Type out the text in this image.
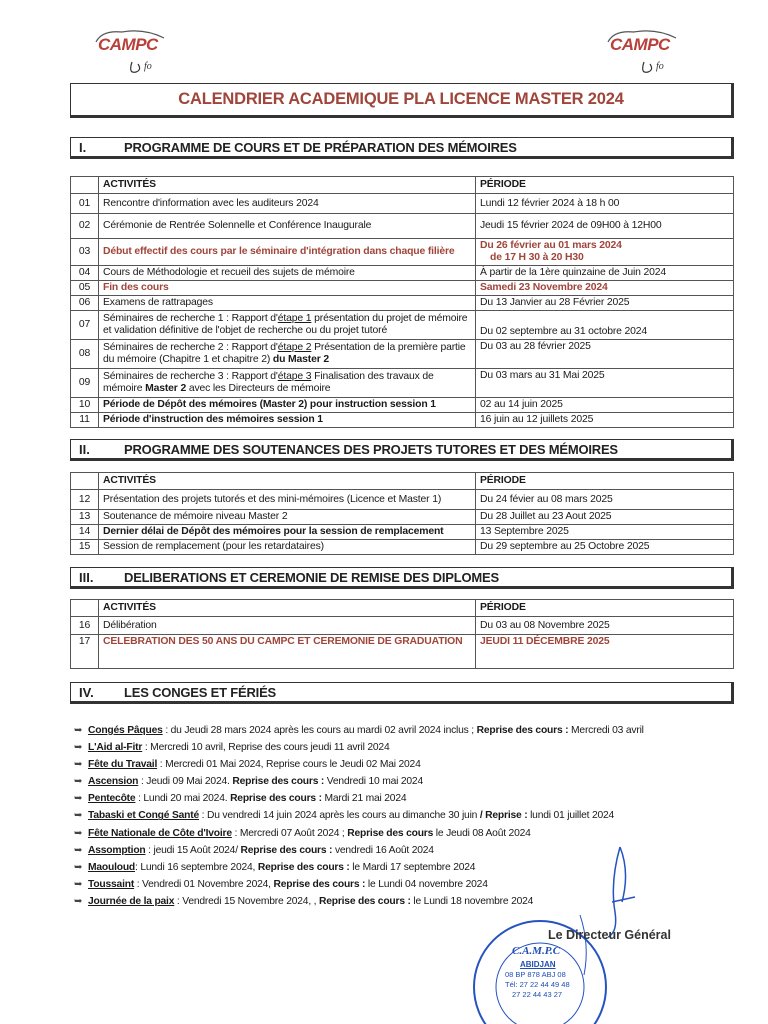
fo
CAMPC
fo
CAMPC
CALENDRIER ACADEMIQUE PLA LICENCE MASTER 2024
I.	PROGRAMME DE COURS ET DE PRÉPARATION DES MÉMOIRES
	ACTIVITÉS	PÉRIODE
01	Rencontre d'information avec les auditeurs 2024	Lundi 12 février 2024 à 18 h 00
02	Cérémonie de Rentrée Solennelle et Conférence Inaugurale	Jeudi 15 février 2024 de 09H00 à 12H00
03	Début effectif des cours par le séminaire d'intégration dans chaque filière	Du 26 février au 01 mars 2024
de 17 H 30 à 20 H30

04	Cours de Méthodologie et recueil des sujets de mémoire	À partir de la 1ère quinzaine de Juin 2024
05	Fin des cours	Samedi 23 Novembre 2024
06	Examens de rattrapages	Du 13 Janvier au 28 Février 2025
07	Séminaires de recherche 1 : Rapport d'étape 1 présentation du projet de mémoire et validation définitive de l'objet de recherche ou du projet tutoré	Du 02 septembre au 31 octobre 2024
08	Séminaires de recherche 2 : Rapport d'étape 2 Présentation de la première partie du mémoire (Chapitre 1 et chapitre 2) du Master 2	Du 03 au 28 février 2025
09	Séminaires de recherche 3 : Rapport d'étape 3 Finalisation des travaux de mémoire Master 2 avec les Directeurs de mémoire	Du 03 mars au 31 Mai 2025
10	Période de Dépôt des mémoires (Master 2) pour instruction session 1	02 au 14 juin 2025
11	Période d'instruction des mémoires session 1	16 juin au 12 juillets 2025
II.	PROGRAMME DES SOUTENANCES DES PROJETS TUTORES ET DES MÉMOIRES
	ACTIVITÉS	PÉRIODE
12	Présentation des projets tutorés et des mini-mémoires (Licence et Master 1)	Du 24 févier au 08 mars 2025
13	Soutenance de mémoire niveau Master 2	Du 28 Juillet au 23 Aout 2025
14	Dernier délai de Dépôt des mémoires pour la session de remplacement	13 Septembre 2025
15	Session de remplacement (pour les retardataires)	Du 29 septembre au 25 Octobre 2025
III. DELIBERATIONS ET CEREMONIE DE REMISE DES DIPLOMES
	ACTIVITÉS	PÉRIODE
16	Délibération	Du 03 au 08 Novembre 2025
17	CELEBRATION DES 50 ANS DU CAMPC ET CEREMONIE DE GRADUATION	JEUDI 11 DÉCEMBRE 2025
IV. LES CONGES ET FÉRIÉS
➥ Congés Pâques : du Jeudi 28 mars 2024 après les cours au mardi 02 avril 2024 inclus ; Reprise des cours : Mercredi 03 avril
➥ L'Aid al-Fitr : Mercredi 10 avril, Reprise des cours jeudi 11 avril 2024
➥ Fête du Travail : Mercredi 01 Mai 2024, Reprise cours le Jeudi 02 Mai 2024
➥ Ascension : Jeudi 09 Mai 2024. Reprise des cours : Vendredi 10 mai 2024
➥ Pentecôte : Lundi 20 mai 2024. Reprise des cours : Mardi 21 mai 2024
➥ Tabaski et Congé Santé : Du vendredi 14 juin 2024 après les cours au dimanche 30 juin / Reprise : lundi 01 juillet 2024
➥ Fête Nationale de Côte d'Ivoire : Mercredi 07 Août 2024 ; Reprise des cours le Jeudi 08 Août 2024
➥ Assomption : jeudi 15 Août 2024/ Reprise des cours : vendredi 16 Août 2024
➥ Maouloud: Lundi 16 septembre 2024, Reprise des cours : le Mardi 17 septembre 2024
➥ Toussaint : Vendredi 01 Novembre 2024, Reprise des cours : le Lundi 04 novembre 2024
➥ Journée de la paix : Vendredi 15 Novembre 2024, , Reprise des cours : le Lundi 18 novembre 2024
C.A.M.P.C
ABIDJAN
08 BP 878 ABJ 08
Tél: 27 22 44 49 48
27 22 44 43 27
Le Directeur Général
